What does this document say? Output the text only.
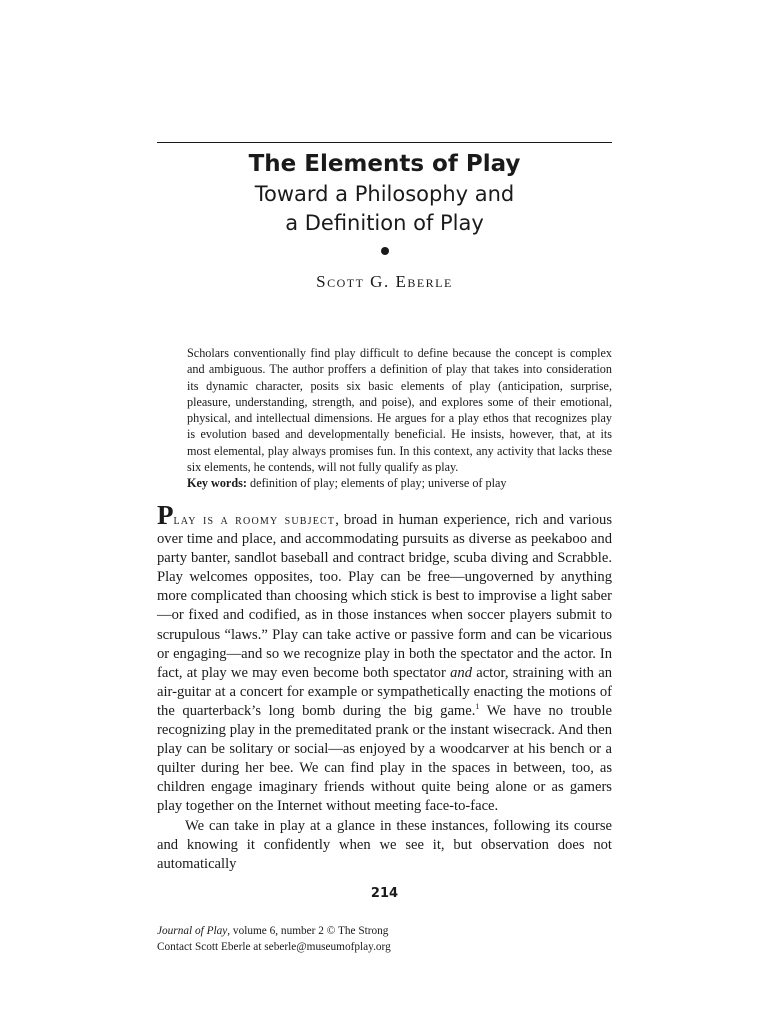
The Elements of Play
Toward a Philosophy and
a Definition of Play
Scott G. Eberle
Scholars conventionally find play difficult to define because the concept is complex and ambiguous. The author proffers a definition of play that takes into consideration its dynamic character, posits six basic elements of play (anticipation, surprise, pleasure, understanding, strength, and poise), and explores some of their emotional, physical, and intellectual dimensions. He argues for a play ethos that recognizes play is evolution based and developmentally beneficial. He insists, however, that, at its most elemental, play always promises fun. In this context, any activity that lacks these six elements, he contends, will not fully qualify as play.
Key words: definition of play; elements of play; universe of play

Play is a roomy subject, broad in human experience, rich and various over time and place, and accommodating pursuits as diverse as peekaboo and party banter, sandlot baseball and contract bridge, scuba diving and Scrabble. Play welcomes opposites, too. Play can be free—ungoverned by anything more complicated than choosing which stick is best to improvise a light saber—or fixed and codified, as in those instances when soccer players submit to scrupulous “laws.” Play can take active or passive form and can be vicarious or engaging—and so we recognize play in both the spectator and the actor. In fact, at play we may even become both spectator and actor, straining with an air-guitar at a concert for example or sympathetically enacting the motions of the quarterback’s long bomb during the big game.$^1$ We have no trouble recognizing play in the premeditated prank or the instant wisecrack. And then play can be solitary or social—as enjoyed by a woodcarver at his bench or a quilter during her bee. We can find play in the spaces in between, too, as children engage imaginary friends without quite being alone or as gamers play together on the Internet without meeting face-to-face.

We can take in play at a glance in these instances, following its course and knowing it confidently when we see it, but observation does not automatically

214
Journal of Play, volume 6, number 2 © The Strong
Contact Scott Eberle at seberle@museumofplay.org
